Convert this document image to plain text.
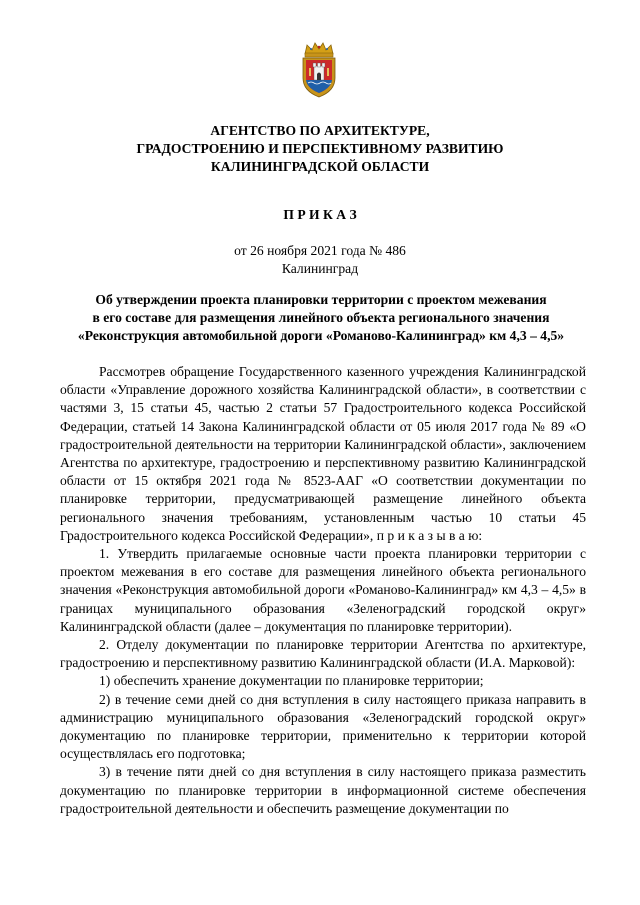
АГЕНТСТВО ПО АРХИТЕКТУРЕ,
ГРАДОСТРОЕНИЮ И ПЕРСПЕКТИВНОМУ РАЗВИТИЮ
КАЛИНИНГРАДСКОЙ ОБЛАСТИ
П Р И К А З
от 26 ноября 2021 года № 486
Калининград
Об утверждении проекта планировки территории с проектом межевания
в его составе для размещения линейного объекта регионального значения
«Реконструкция автомобильной дороги «Романово-Калининград» км 4,3 – 4,5»

Рассмотрев обращение Государственного казенного учреждения Калининградской области «Управление дорожного хозяйства Калининградской области», в соответствии с частями 3, 15 статьи 45, частью 2 статьи 57 Градостроительного кодекса Российской Федерации, статьей 14 Закона Калининградской области от 05 июля 2017 года № 89 «О градостроительной деятельности на территории Калининградской области», заключением Агентства по архитектуре, градостроению и перспективному развитию Калининградской области от 15 октября 2021 года № 8523-ААГ «О соответствии документации по планировке территории, предусматривающей размещение линейного объекта регионального значения требованиям, установленным частью 10 статьи 45 Градостроительного кодекса Российской Федерации», п р и к а з ы в а ю:

1. Утвердить прилагаемые основные части проекта планировки территории с проектом межевания в его составе для размещения линейного объекта регионального значения «Реконструкция автомобильной дороги «Романово-Калининград» км 4,3 – 4,5» в границах муниципального образования «Зеленоградский городской округ» Калининградской области (далее – документация по планировке территории).

2. Отделу документации по планировке территории Агентства по архитектуре, градостроению и перспективному развитию Калининградской области (И.А. Марковой):

1) обеспечить хранение документации по планировке территории;

2) в течение семи дней со дня вступления в силу настоящего приказа направить в администрацию муниципального образования «Зеленоградский городской округ» документацию по планировке территории, применительно к территории которой осуществлялась его подготовка;

3) в течение пяти дней со дня вступления в силу настоящего приказа разместить документацию по планировке территории в информационной системе обеспечения градостроительной деятельности и обеспечить размещение документации по
